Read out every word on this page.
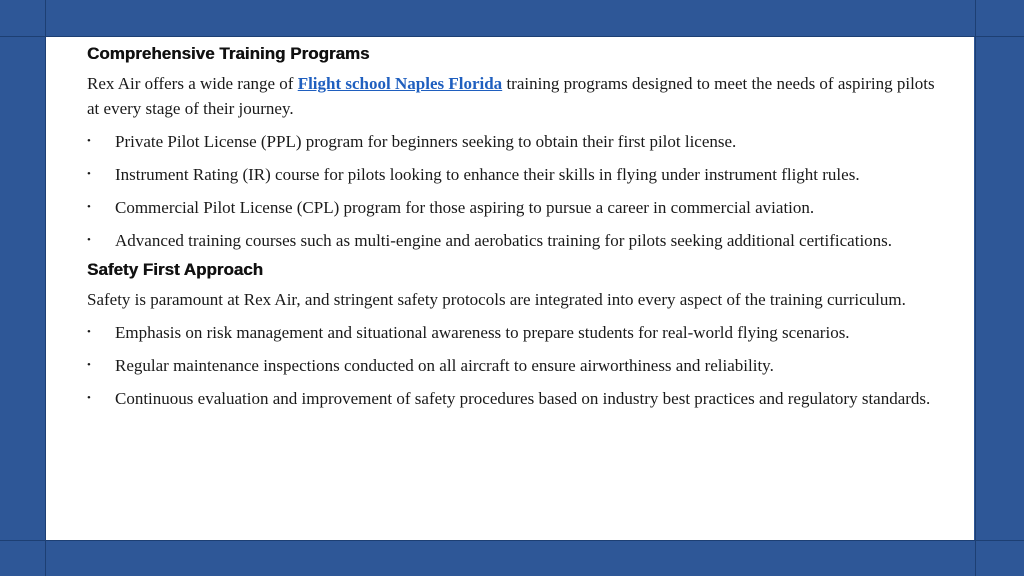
Comprehensive Training Programs

Rex Air offers a wide range of Flight school Naples Florida training programs designed to meet the needs of aspiring pilots at every stage of their journey.

• Private Pilot License (PPL) program for beginners seeking to obtain their first pilot license.
• Instrument Rating (IR) course for pilots looking to enhance their skills in flying under instrument flight rules.
• Commercial Pilot License (CPL) program for those aspiring to pursue a career in commercial aviation.
• Advanced training courses such as multi-engine and aerobatics training for pilots seeking additional certifications.
Safety First Approach

Safety is paramount at Rex Air, and stringent safety protocols are integrated into every aspect of the training curriculum.

• Emphasis on risk management and situational awareness to prepare students for real-world flying scenarios.
• Regular maintenance inspections conducted on all aircraft to ensure airworthiness and reliability.
• Continuous evaluation and improvement of safety procedures based on industry best practices and regulatory standards.
